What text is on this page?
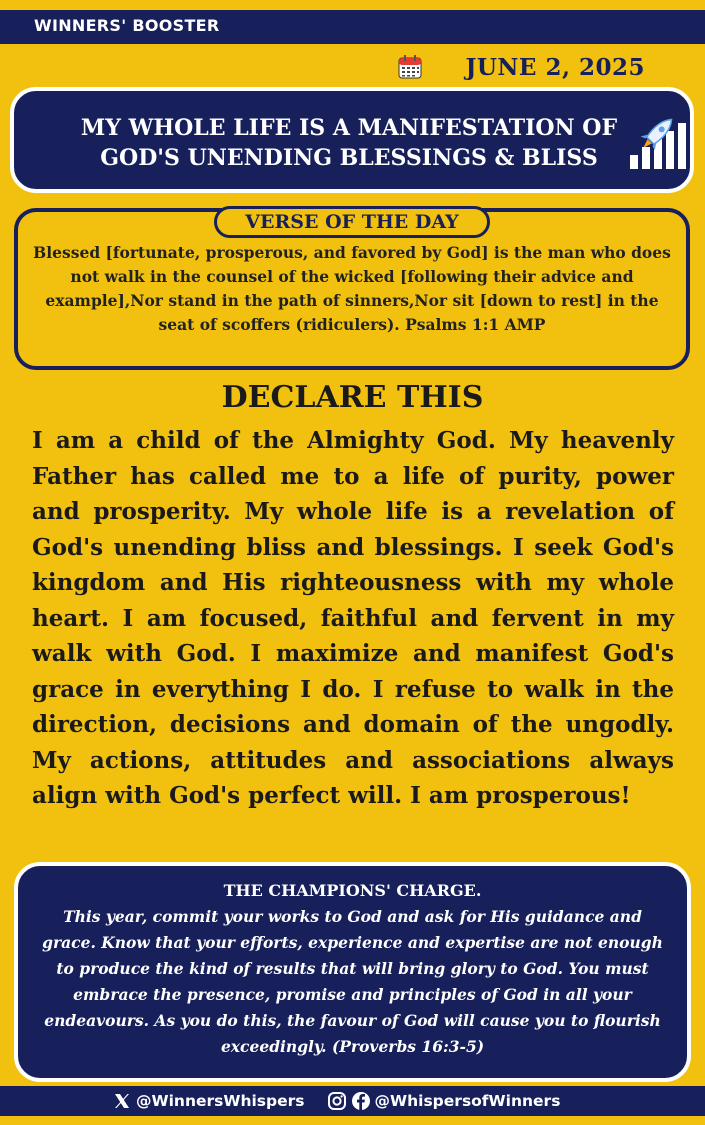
WINNERS' BOOSTER
JUNE 2, 2025
MY WHOLE LIFE IS A MANIFESTATION OF
GOD'S UNENDING BLESSINGS & BLISS
VERSE OF THE DAY
Blessed [fortunate, prosperous, and favored by God] is the man who does not walk in the counsel of the wicked [following their advice and example],Nor stand in the path of sinners,Nor sit [down to rest] in the seat of scoffers (ridiculers). Psalms 1:1 AMP
DECLARE THIS
I am a child of the Almighty God. My heavenly Father has called me to a life of purity, power and prosperity. My whole life is a revelation of God's unending bliss and blessings. I seek God's kingdom and His righteousness with my whole heart. I am focused, faithful and fervent in my walk with God. I maximize and manifest God's grace in everything I do. I refuse to walk in the direction, decisions and domain of the ungodly. My actions, attitudes and associations always align with God's perfect will. I am prosperous!
THE CHAMPIONS' CHARGE.
This year, commit your works to God and ask for His guidance and grace. Know that your efforts, experience and expertise are not enough to produce the kind of results that will bring glory to God. You must embrace the presence, promise and principles of God in all your endeavours. As you do this, the favour of God will cause you to flourish exceedingly. (Proverbs 16:3-5)
@WinnersWhispers	@WhispersofWinners
